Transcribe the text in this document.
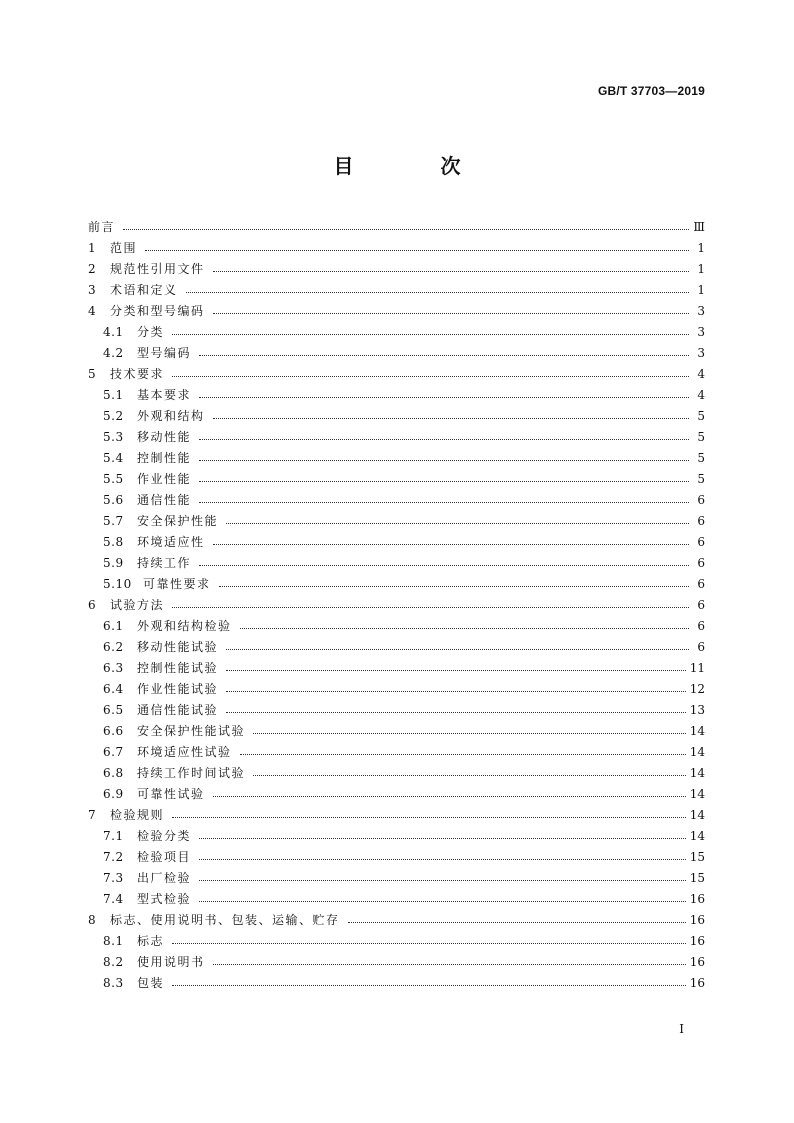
GB/T 37703—2019
目 次
前言	Ⅲ
1	范围	1
2	规范性引用文件	1
3	术语和定义	1
4	分类和型号编码	3
4.1	分类	3
4.2	型号编码	3
5	技术要求	4
5.1	基本要求	4
5.2	外观和结构	5
5.3	移动性能	5
5.4	控制性能	5
5.5	作业性能	5
5.6	通信性能	6
5.7	安全保护性能	6
5.8	环境适应性	6
5.9	持续工作	6
5.10 可靠性要求	6
6	试验方法	6
6.1	外观和结构检验	6
6.2	移动性能试验	6
6.3	控制性能试验	11
6.4	作业性能试验	12
6.5	通信性能试验	13
6.6	安全保护性能试验	14
6.7	环境适应性试验	14
6.8	持续工作时间试验	14
6.9	可靠性试验	14
7	检验规则	14
7.1	检验分类	14
7.2	检验项目	15
7.3	出厂检验	15
7.4	型式检验	16
8	标志、使用说明书、包装、运输、贮存	16
8.1	标志	16
8.2	使用说明书	16
8.3	包装	16
Ⅰ
